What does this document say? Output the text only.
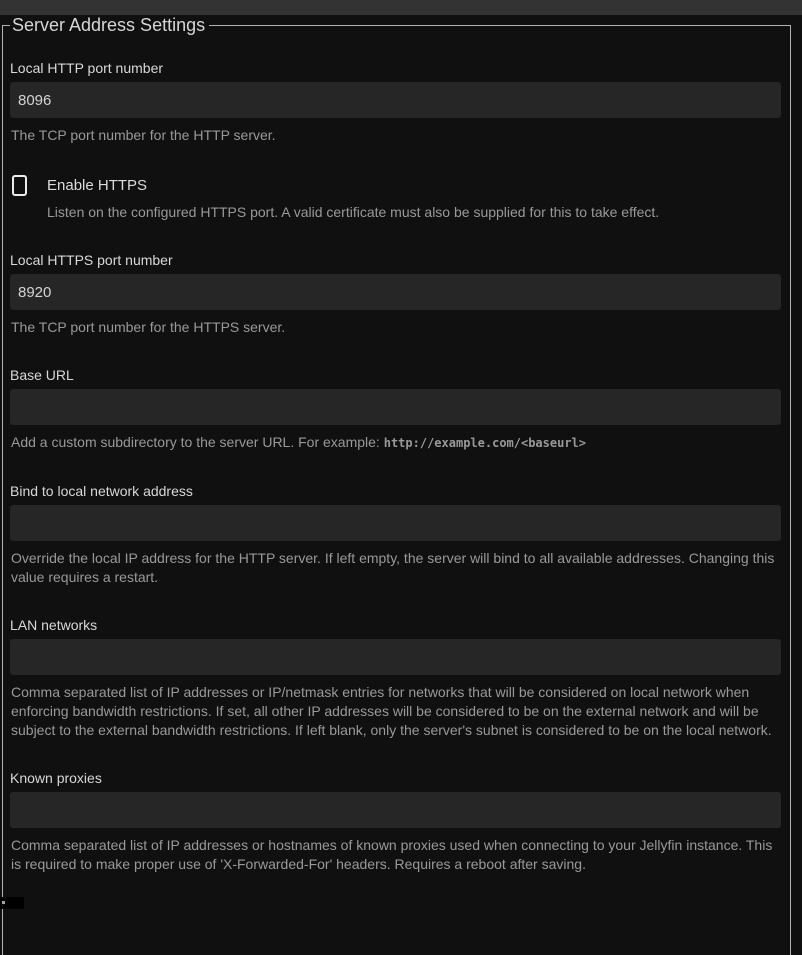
Server Address Settings
Local HTTP port number
8096
The TCP port number for the HTTP server.
Enable HTTPS
Listen on the configured HTTPS port. A valid certificate must also be supplied for this to take effect.
Local HTTPS port number
8920
The TCP port number for the HTTPS server.
Base URL
Add a custom subdirectory to the server URL. For example: http://example.com/<baseurl>
Bind to local network address
Override the local IP address for the HTTP server. If left empty, the server will bind to all available addresses. Changing this value requires a restart.
LAN networks
Comma separated list of IP addresses or IP/netmask entries for networks that will be considered on local network when enforcing bandwidth restrictions. If set, all other IP addresses will be considered to be on the external network and will be subject to the external bandwidth restrictions. If left blank, only the server's subnet is considered to be on the local network.
Known proxies
Comma separated list of IP addresses or hostnames of known proxies used when connecting to your Jellyfin instance. This is required to make proper use of 'X-Forwarded-For' headers. Requires a reboot after saving.
